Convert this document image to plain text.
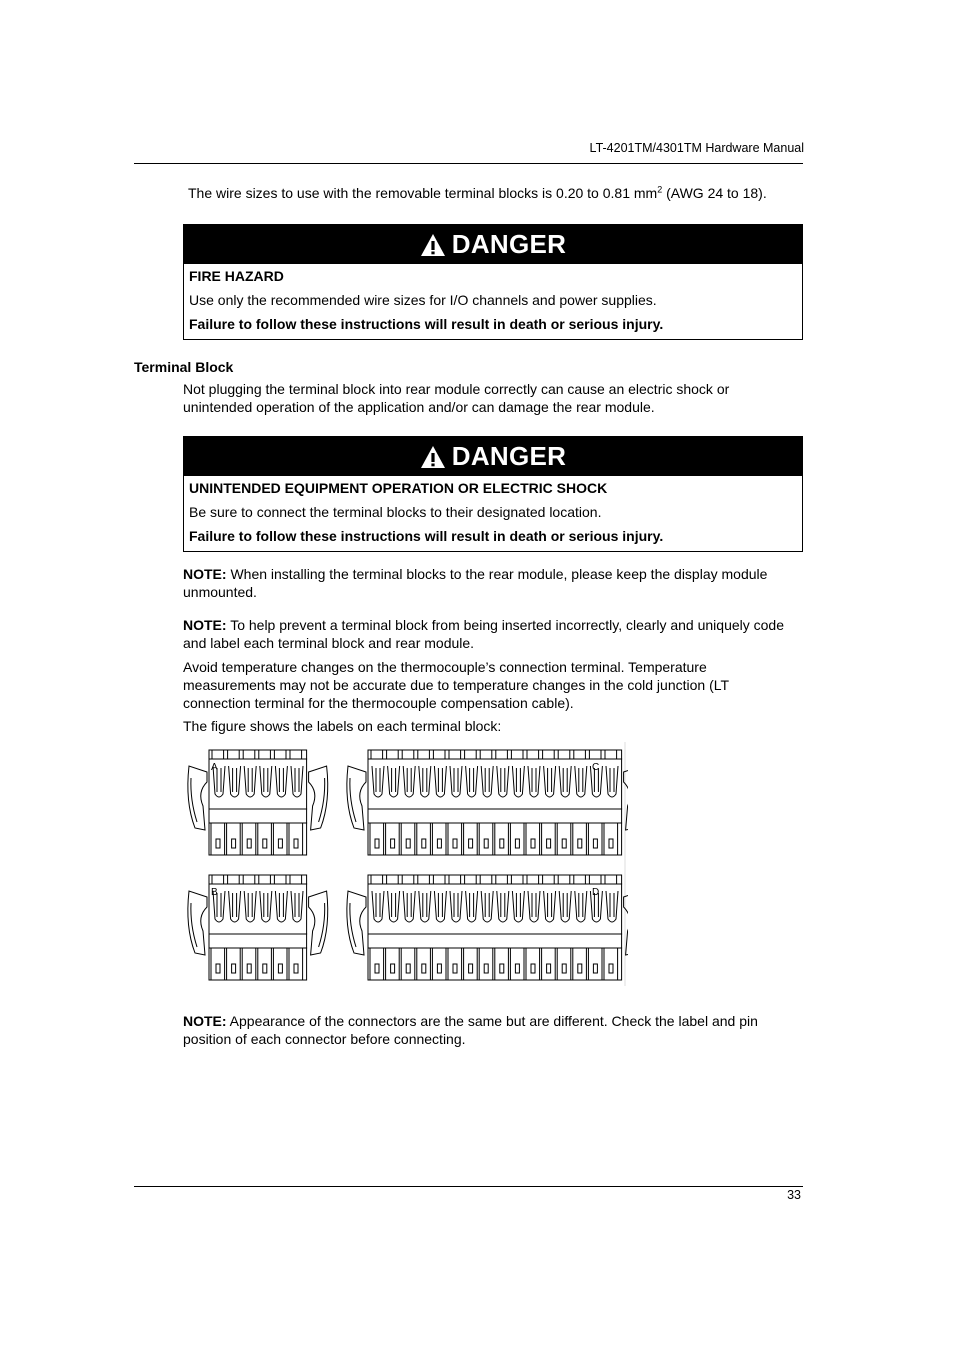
LT-4201TM/4301TM Hardware Manual
The wire sizes to use with the removable terminal blocks is 0.20 to 0.81 $mm^2$ (AWG 24 to 18).
DANGER
FIRE HAZARD
Use only the recommended wire sizes for I/O channels and power supplies.
Failure to follow these instructions will result in death or serious injury.
Terminal Block
Not plugging the terminal block into rear module correctly can cause an electric shock or unintended operation of the application and/or can damage the rear module.
DANGER
UNINTENDED EQUIPMENT OPERATION OR ELECTRIC SHOCK
Be sure to connect the terminal blocks to their designated location.
Failure to follow these instructions will result in death or serious injury.
NOTE: When installing the terminal blocks to the rear module, please keep the display module unmounted.
NOTE: To help prevent a terminal block from being inserted incorrectly, clearly and uniquely code and label each terminal block and rear module.
Avoid temperature changes on the thermocouple’s connection terminal. Temperature measurements may not be accurate due to temperature changes in the cold junction (LT connection terminal for the thermocouple compensation cable).
The figure shows the labels on each terminal block:
A	C
B	D
NOTE: Appearance of the connectors are the same but are different. Check the label and pin position of each connector before connecting.
33
